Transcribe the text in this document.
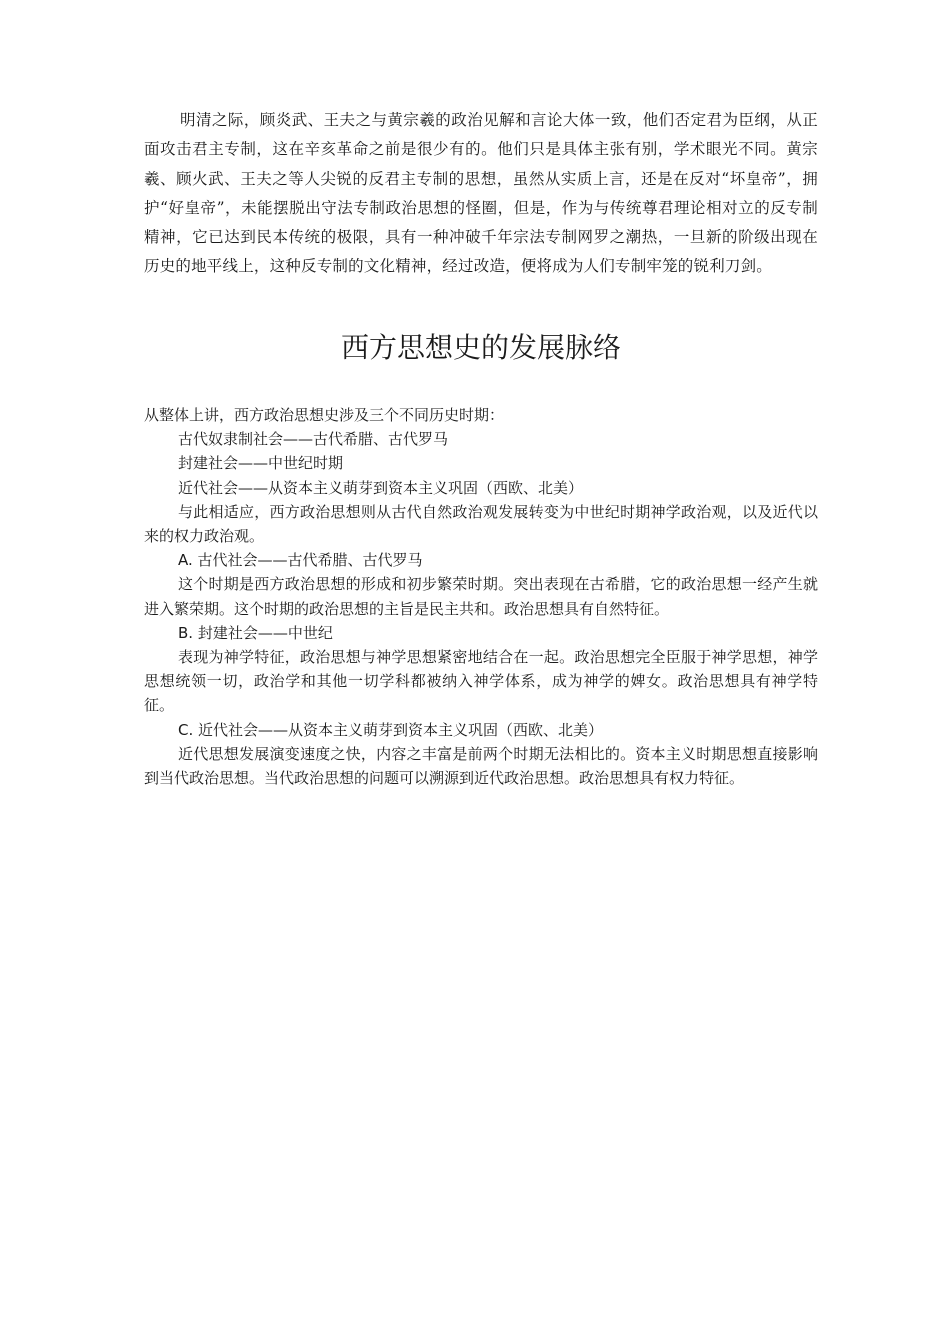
明清之际，顾炎武、王夫之与黄宗羲的政治见解和言论大体一致，他们否定君为臣纲，从正面攻击君主专制，这在辛亥革命之前是很少有的。他们只是具体主张有别，学术眼光不同。黄宗羲、顾火武、王夫之等人尖锐的反君主专制的思想，虽然从实质上言，还是在反对“坏皇帝”，拥护“好皇帝”，未能摆脱出守法专制政治思想的怪圈，但是，作为与传统尊君理论相对立的反专制精神，它已达到民本传统的极限，具有一种冲破千年宗法专制网罗之潮热，一旦新的阶级出现在历史的地平线上，这种反专制的文化精神，经过改造，便将成为人们专制牢笼的锐利刀剑。

西方思想史的发展脉络

从整体上讲，西方政治思想史涉及三个不同历史时期：

古代奴隶制社会——古代希腊、古代罗马

封建社会——中世纪时期

近代社会——从资本主义萌芽到资本主义巩固（西欧、北美）

与此相适应，西方政治思想则从古代自然政治观发展转变为中世纪时期神学政治观，以及近代以来的权力政治观。

A. 古代社会——古代希腊、古代罗马

这个时期是西方政治思想的形成和初步繁荣时期。突出表现在古希腊，它的政治思想一经产生就进入繁荣期。这个时期的政治思想的主旨是民主共和。政治思想具有自然特征。

B. 封建社会——中世纪

表现为神学特征，政治思想与神学思想紧密地结合在一起。政治思想完全臣服于神学思想，神学思想统领一切，政治学和其他一切学科都被纳入神学体系，成为神学的婢女。政治思想具有神学特征。

C. 近代社会——从资本主义萌芽到资本主义巩固（西欧、北美）

近代思想发展演变速度之快，内容之丰富是前两个时期无法相比的。资本主义时期思想直接影响到当代政治思想。当代政治思想的问题可以溯源到近代政治思想。政治思想具有权力特征。
